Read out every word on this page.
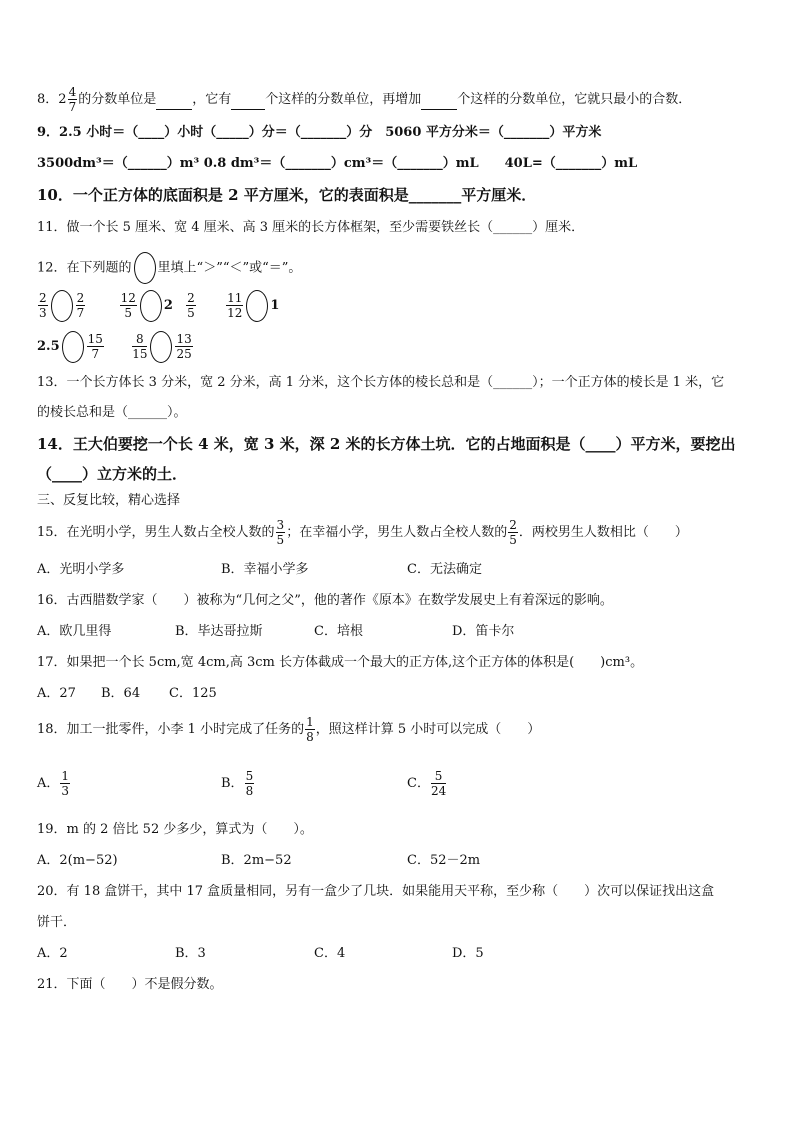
8．$2 \frac{4}{7}$ 的分数单位是	，它有	个这样的分数单位，再增加	个这样的分数单位，它就只最小的合数．
9．2.5 小时＝（____）小时（_____）分＝（_______）分　5060 平方分米＝（_______）平方米
3500dm³＝（______）m³ 0.8 dm³＝（_______）cm³＝（_______）mL　　40L=（_______）mL
10．一个正方体的底面积是 2 平方厘米，它的表面积是_______平方厘米．
11．做一个长 5 厘米、宽 4 厘米、高 3 厘米的长方体框架，至少需要铁丝长（______）厘米．
12．在下列题的 里填上“＞”“＜”或“＝”。
$\frac{2}{3} \frac{2}{7}$
	$\frac{12}{5} 2 \frac{2}{5}$
	$\frac{11}{12} 1$
$2.5 \frac{15}{7}$
$\frac{8}{15} \frac{13}{25}$
13．一个长方体长 3 分米，宽 2 分米，高 1 分米，这个长方体的棱长总和是（______）；一个正方体的棱长是 1 米，它
的棱长总和是（______）。
14．王大伯要挖一个长 4 米，宽 3 米，深 2 米的长方体土坑．它的占地面积是（____）平方米，要挖出
（____）立方米的土．
三、反复比较，精心选择
15．在光明小学，男生人数占全校人数的 $\frac{3}{5}$ ；在幸福小学，男生人数占全校人数的 $\frac{2}{5}$ ．两校男生人数相比（　　）
A．光明小学多	B．幸福小学多	C．无法确定
16．古西腊数学家（　　）被称为“几何之父”，他的著作《原本》在数学发展史上有着深远的影响。
A．欧几里得	B．毕达哥拉斯	C．培根	D．笛卡尔
17．如果把一个长 5cm,宽 4cm,高 3cm 长方体截成一个最大的正方体,这个正方体的体积是(　　)cm³。
A．27 B．64 C．125
18．加工一批零件，小李 1 小时完成了任务的 $\frac{1}{8}$ ，照这样计算 5 小时可以完成（　　）
A． $\frac{1}{3}$	B． $\frac{5}{8}$	C． $\frac{5}{24}$
19．m 的 2 倍比 52 少多少，算式为（　　）。
A．2(m−52)	B．2m−52	C．52－2m
20．有 18 盒饼干，其中 17 盒质量相同，另有一盒少了几块．如果能用天平称，至少称（　　）次可以保证找出这盒
饼干．
A．2	B．3	C．4	D．5
21．下面（　　）不是假分数。
